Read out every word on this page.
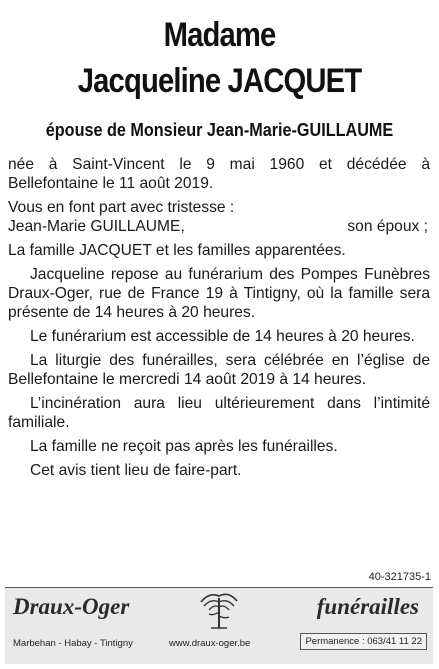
Madame
Jacqueline JACQUET
épouse de Monsieur Jean-Marie-GUILLAUME

née à Saint-Vincent le 9 mai 1960 et décédée à Bellefontaine le 11 août 2019.

Vous en font part avec tristesse :
Jean-Marie GUILLAUME,	son époux ;

La famille JACQUET et les familles apparentées.

Jacqueline repose au funérarium des Pompes Funèbres Draux-Oger, rue de France 19 à Tintigny, où la famille sera présente de 14 heures à 20 heures.

Le funérarium est accessible de 14 heures à 20 heures.

La liturgie des funérailles, sera célébrée en l’église de Bellefontaine le mercredi 14 août 2019 à 14 heures.

L’incinération aura lieu ultérieurement dans l’intimité familiale.

La famille ne reçoit pas après les funérailles.

Cet avis tient lieu de faire-part.

40-321735-1
Draux-Oger	funérailles
Marbehan - Habay - Tintigny	www.draux-oger.be	Permanence : 063/41 11 22
